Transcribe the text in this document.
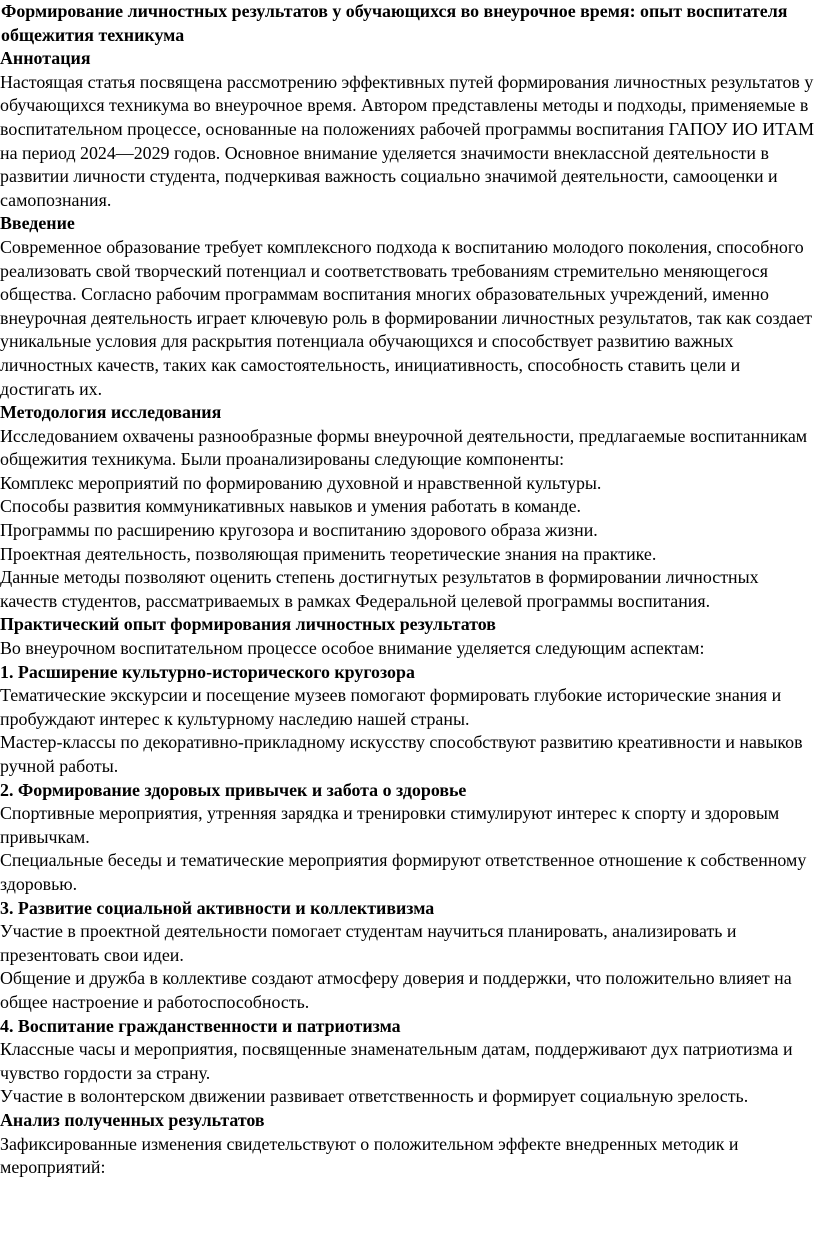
Формирование личностных результатов у обучающихся во внеурочное время: опыт воспитателя общежития техникума
Аннотация
Настоящая статья посвящена рассмотрению эффективных путей формирования личностных результатов у обучающихся техникума во внеурочное время. Автором представлены методы и подходы, применяемые в воспитательном процессе, основанные на положениях рабочей программы воспитания ГАПОУ ИО ИТАМ на период 2024—2029 годов. Основное внимание уделяется значимости внеклассной деятельности в развитии личности студента, подчеркивая важность социально значимой деятельности, самооценки и самопознания.
Введение
Современное образование требует комплексного подхода к воспитанию молодого поколения, способного реализовать свой творческий потенциал и соответствовать требованиям стремительно меняющегося общества. Согласно рабочим программам воспитания многих образовательных учреждений, именно внеурочная деятельность играет ключевую роль в формировании личностных результатов, так как создает уникальные условия для раскрытия потенциала обучающихся и способствует развитию важных личностных качеств, таких как самостоятельность, инициативность, способность ставить цели и достигать их.
Методология исследования
Исследованием охвачены разнообразные формы внеурочной деятельности, предлагаемые воспитанникам общежития техникума. Были проанализированы следующие компоненты:
Комплекс мероприятий по формированию духовной и нравственной культуры.
Способы развития коммуникативных навыков и умения работать в команде.
Программы по расширению кругозора и воспитанию здорового образа жизни.
Проектная деятельность, позволяющая применить теоретические знания на практике.
Данные методы позволяют оценить степень достигнутых результатов в формировании личностных качеств студентов, рассматриваемых в рамках Федеральной целевой программы воспитания.
Практический опыт формирования личностных результатов
Во внеурочном воспитательном процессе особое внимание уделяется следующим аспектам:
1. Расширение культурно-исторического кругозора
Тематические экскурсии и посещение музеев помогают формировать глубокие исторические знания и пробуждают интерес к культурному наследию нашей страны.
Мастер-классы по декоративно-прикладному искусству способствуют развитию креативности и навыков ручной работы.
2. Формирование здоровых привычек и забота о здоровье
Спортивные мероприятия, утренняя зарядка и тренировки стимулируют интерес к спорту и здоровым привычкам.
Специальные беседы и тематические мероприятия формируют ответственное отношение к собственному здоровью.
3. Развитие социальной активности и коллективизма
Участие в проектной деятельности помогает студентам научиться планировать, анализировать и презентовать свои идеи.
Общение и дружба в коллективе создают атмосферу доверия и поддержки, что положительно влияет на общее настроение и работоспособность.
4. Воспитание гражданственности и патриотизма
Классные часы и мероприятия, посвященные знаменательным датам, поддерживают дух патриотизма и чувство гордости за страну.
Участие в волонтерском движении развивает ответственность и формирует социальную зрелость.
Анализ полученных результатов
Зафиксированные изменения свидетельствуют о положительном эффекте внедренных методик и мероприятий:
